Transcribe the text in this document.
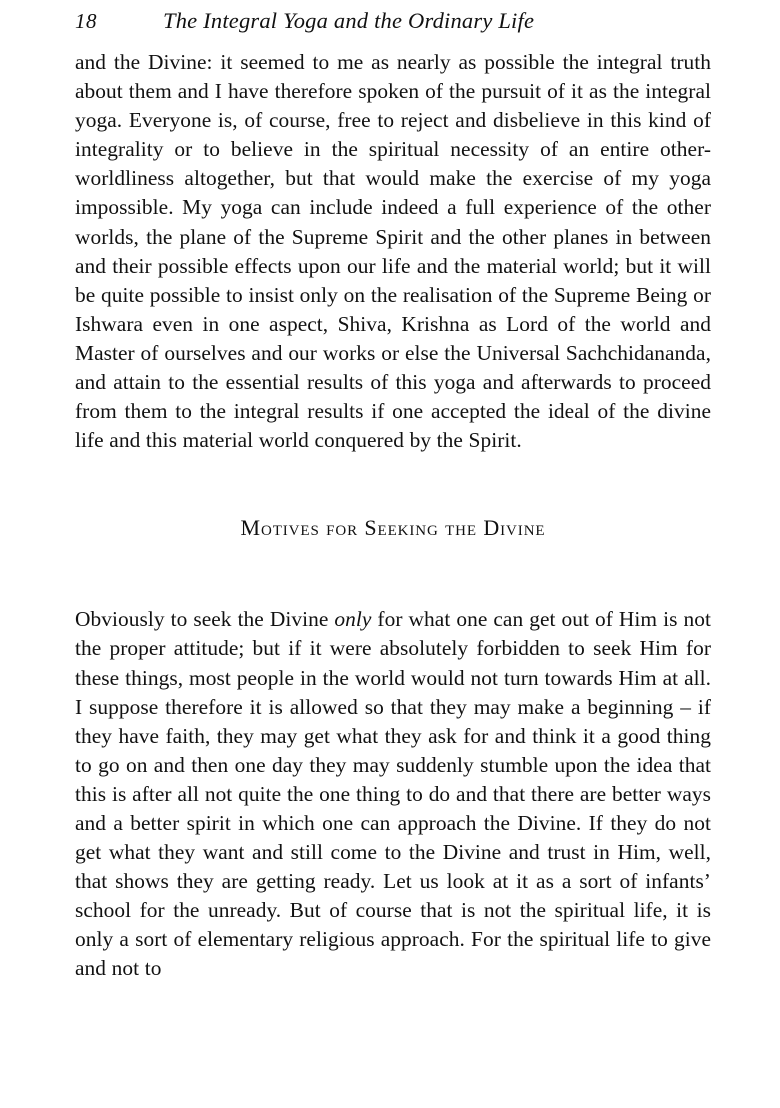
18	The Integral Yoga and the Ordinary Life

and the Divine: it seemed to me as nearly as possible the integral truth about them and I have therefore spoken of the pursuit of it as the integral yoga. Everyone is, of course, free to reject and disbelieve in this kind of integrality or to believe in the spiritual necessity of an entire other-worldliness altogether, but that would make the exercise of my yoga impossible. My yoga can include indeed a full experience of the other worlds, the plane of the Supreme Spirit and the other planes in between and their possible effects upon our life and the material world; but it will be quite possible to insist only on the realisation of the Supreme Being or Ishwara even in one aspect, Shiva, Krishna as Lord of the world and Master of ourselves and our works or else the Universal Sachchidananda, and attain to the essential results of this yoga and afterwards to proceed from them to the integral results if one accepted the ideal of the divine life and this material world conquered by the Spirit.

Motives for Seeking the Divine

Obviously to seek the Divine only for what one can get out of Him is not the proper attitude; but if it were absolutely forbidden to seek Him for these things, most people in the world would not turn towards Him at all. I suppose therefore it is allowed so that they may make a beginning – if they have faith, they may get what they ask for and think it a good thing to go on and then one day they may suddenly stumble upon the idea that this is after all not quite the one thing to do and that there are better ways and a better spirit in which one can approach the Divine. If they do not get what they want and still come to the Divine and trust in Him, well, that shows they are getting ready. Let us look at it as a sort of infants’ school for the unready. But of course that is not the spiritual life, it is only a sort of elementary religious approach. For the spiritual life to give and not to
